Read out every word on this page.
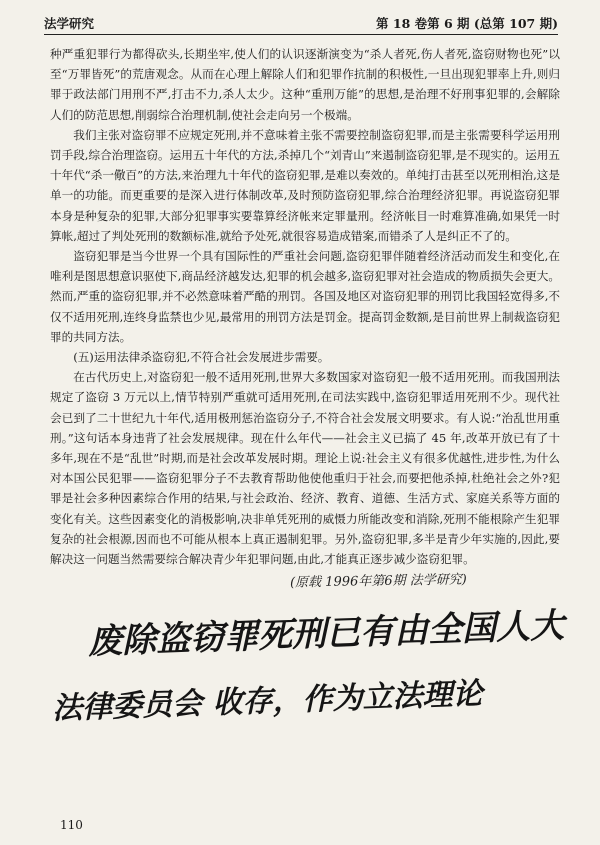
法学研究	第 18 卷第 6 期 (总第 107 期)

种严重犯罪行为都得砍头,长期坐牢,使人们的认识逐渐演变为“杀人者死,伤人者死,盗窃财物也死”以至“万罪皆死”的荒唐观念。从而在心理上解除人们和犯罪作抗制的积极性,一旦出现犯罪率上升,则归罪于政法部门用刑不严,打击不力,杀人太少。这种“重刑万能”的思想,是治理不好刑事犯罪的,会解除人们的防范思想,削弱综合治理机制,使社会走向另一个极端。

我们主张对盗窃罪不应规定死刑,并不意味着主张不需要控制盗窃犯罪,而是主张需要科学运用刑罚手段,综合治理盗窃。运用五十年代的方法,杀掉几个“刘青山”来遏制盗窃犯罪,是不现实的。运用五十年代“杀一儆百”的方法,来治理九十年代的盗窃犯罪,是难以奏效的。单纯打击甚至以死刑相治,这是单一的功能。而更重要的是深入进行体制改革,及时预防盗窃犯罪,综合治理经济犯罪。再说盗窃犯罪本身是种复杂的犯罪,大部分犯罪事实要靠算经济帐来定罪量刑。经济帐目一时难算准确,如果凭一时算帐,超过了判处死刑的数额标准,就给予处死,就很容易造成错案,而错杀了人是纠正不了的。

盗窃犯罪是当今世界一个具有国际性的严重社会问题,盗窃犯罪伴随着经济活动而发生和变化,在唯利是图思想意识驱使下,商品经济越发达,犯罪的机会越多,盗窃犯罪对社会造成的物质损失会更大。然而,严重的盗窃犯罪,并不必然意味着严酷的刑罚。各国及地区对盗窃犯罪的刑罚比我国轻宽得多,不仅不适用死刑,连终身监禁也少见,最常用的刑罚方法是罚金。提高罚金数额,是目前世界上制裁盗窃犯罪的共同方法。

(五)运用法律杀盗窃犯,不符合社会发展进步需要。

在古代历史上,对盗窃犯一般不适用死刑,世界大多数国家对盗窃犯一般不适用死刑。而我国刑法规定了盗窃 3 万元以上,情节特别严重就可适用死刑,在司法实践中,盗窃犯罪适用死刑不少。现代社会已到了二十世纪九十年代,适用极刑惩治盗窃分子,不符合社会发展文明要求。有人说:“治乱世用重刑。”这句话本身违背了社会发展规律。现在什么年代——社会主义已搞了 45 年,改革开放已有了十多年,现在不是“乱世”时期,而是社会改革发展时期。理论上说:社会主义有很多优越性,进步性,为什么对本国公民犯罪——盗窃犯罪分子不去教育帮助他使他重归于社会,而要把他杀掉,杜绝社会之外?犯罪是社会多种因素综合作用的结果,与社会政治、经济、教育、道德、生活方式、家庭关系等方面的变化有关。这些因素变化的消极影响,决非单凭死刑的威慑力所能改变和消除,死刑不能根除产生犯罪复杂的社会根源,因而也不可能从根本上真正遏制犯罪。另外,盗窃犯罪,多半是青少年实施的,因此,要解决这一问题当然需要综合解决青少年犯罪问题,由此,才能真正逐步减少盗窃犯罪。

(原载 1996年第6期 法学研究)
废除盗窃罪死刑已有由全国人大
法律委员会 收存，作为立法理论
110
